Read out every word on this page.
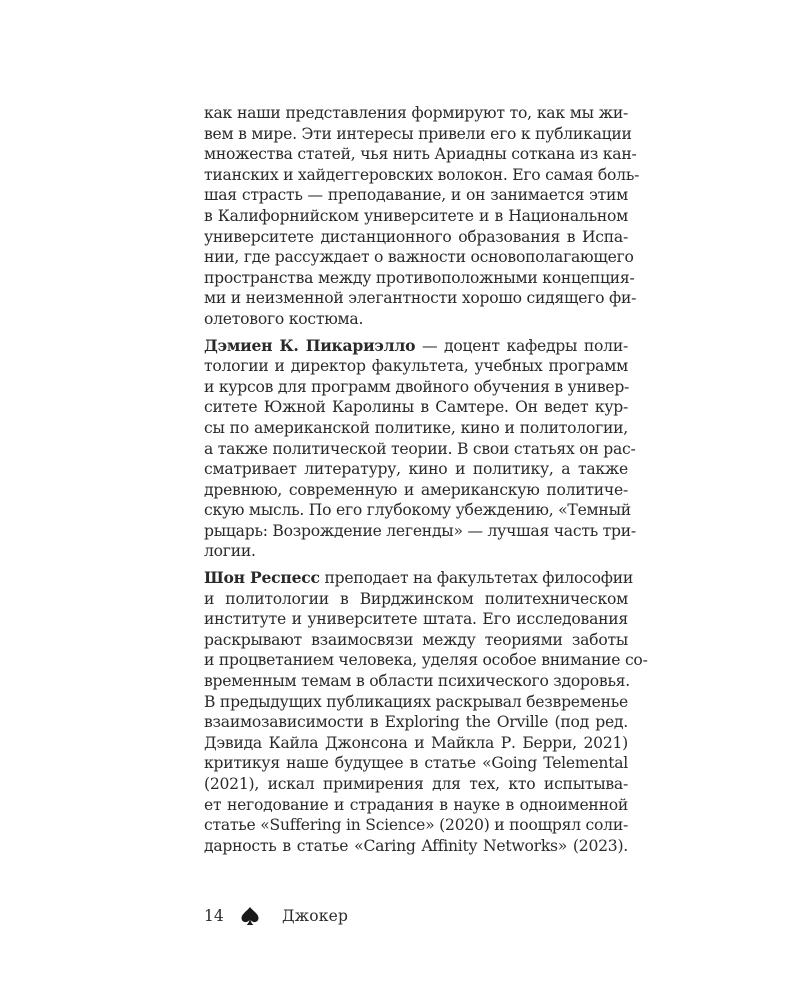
как наши представления формируют то, как мы жи-
вем в мире. Эти интересы привели его к публикации
множества статей, чья нить Ариадны соткана из кан-
тианских и хайдеггеровских волокон. Его самая боль-
шая страсть — преподавание, и он занимается этим
в Калифорнийском университете и в Национальном
университете дистанционного образования в Испа-
нии, где рассуждает о важности основополагающего
пространства между противоположными концепция-
ми и неизменной элегантности хорошо сидящего фи-
олетового костюма.
Дэмиен К. Пикариэлло — доцент кафедры поли-
тологии и директор факультета, учебных программ
и курсов для программ двойного обучения в универ-
ситете Южной Каролины в Самтере. Он ведет кур-
сы по американской политике, кино и политологии,
а также политической теории. В свои статьях он рас-
сматривает литературу, кино и политику, а также
древнюю, современную и американскую политиче-
скую мысль. По его глубокому убеждению, «Темный
рыцарь: Возрождение легенды» — лучшая часть три-
логии.
Шон Респесс преподает на факультетах философии
и политологии в Вирджинском политехническом
институте и университете штата. Его исследования
раскрывают взаимосвязи между теориями заботы
и процветанием человека, уделяя особое внимание со-
временным темам в области психического здоровья.
В предыдущих публикациях раскрывал безвременье
взаимозависимости в Exploring the Orville (под ред.
Дэвида Кайла Джонсона и Майкла Р. Берри, 2021)
критикуя наше будущее в статье «Going Telemental
(2021), искал примирения для тех, кто испытыва-
ет негодование и страдания в науке в одноименной
статье «Suffering in Science» (2020) и поощрял соли-
дарность в статье «Caring Affinity Networks» (2023).
14	Джокер
